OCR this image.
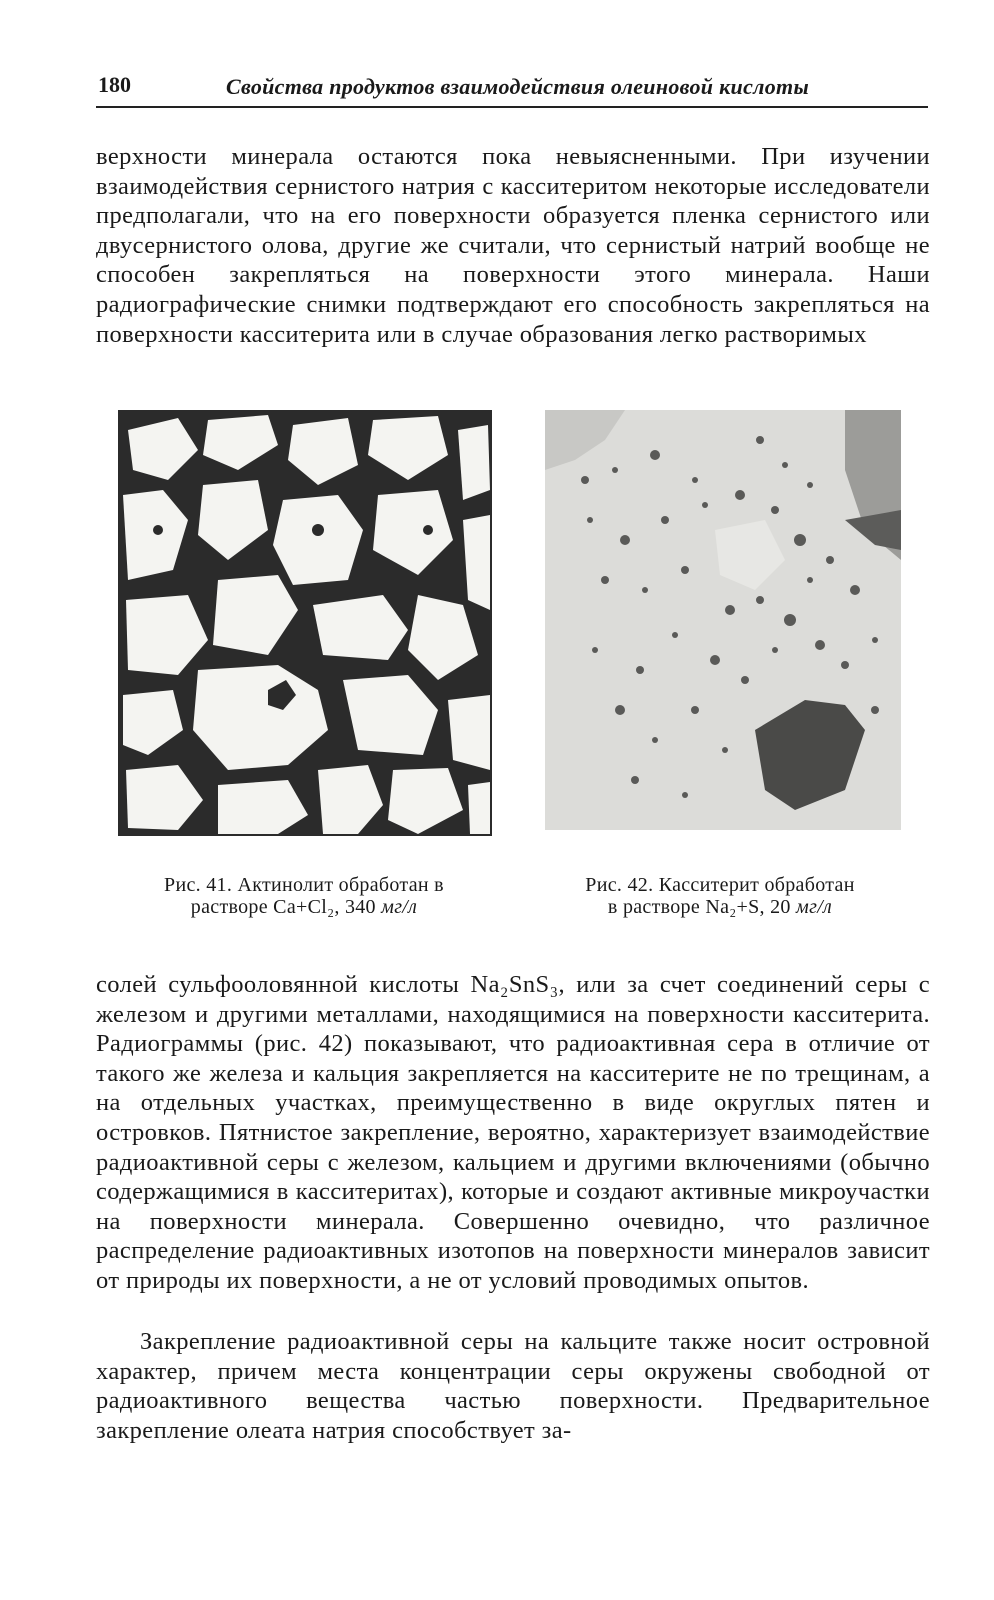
180	Свойства продуктов взаимодействия олеиновой кислоты

верхности минерала остаются пока невыясненными. При изучении взаимодействия сернистого натрия с касситеритом некоторые исследователи предполагали, что на его поверхности образуется пленка сернистого или двусернистого олова, другие же считали, что сернистый натрий вообще не способен закрепляться на поверхности этого минерала. Наши радиографические снимки подтверждают его способность закрепляться на поверхности касситерита или в случае образования легко растворимых

Рис. 41. Актинолит обработан в
растворе Ca+Cl₂, 340 мг/л
Рис. 42. Касситерит обработан
в растворе Na₂+S, 20 мг/л

солей сульфооловянной кислоты Na₂SnS₃, или за счет соединений серы с железом и другими металлами, находящимися на поверхности касситерита. Радиограммы (рис. 42) показывают, что радиоактивная сера в отличие от такого же железа и кальция закрепляется на касситерите не по трещинам, а на отдельных участках, преимущественно в виде округлых пятен и островков. Пятнистое закрепление, вероятно, характеризует взаимодействие радиоактивной серы с железом, кальцием и другими включениями (обычно содержащимися в касситеритах), которые и создают активные микроучастки на поверхности минерала. Совершенно очевидно, что различное распределение радиоактивных изотопов на поверхности минералов зависит от природы их поверхности, а не от условий проводимых опытов.

Закрепление радиоактивной серы на кальците также носит островной характер, причем места концентрации серы окружены свободной от радиоактивного вещества частью поверхности. Предварительное закрепление олеата натрия способствует за-
